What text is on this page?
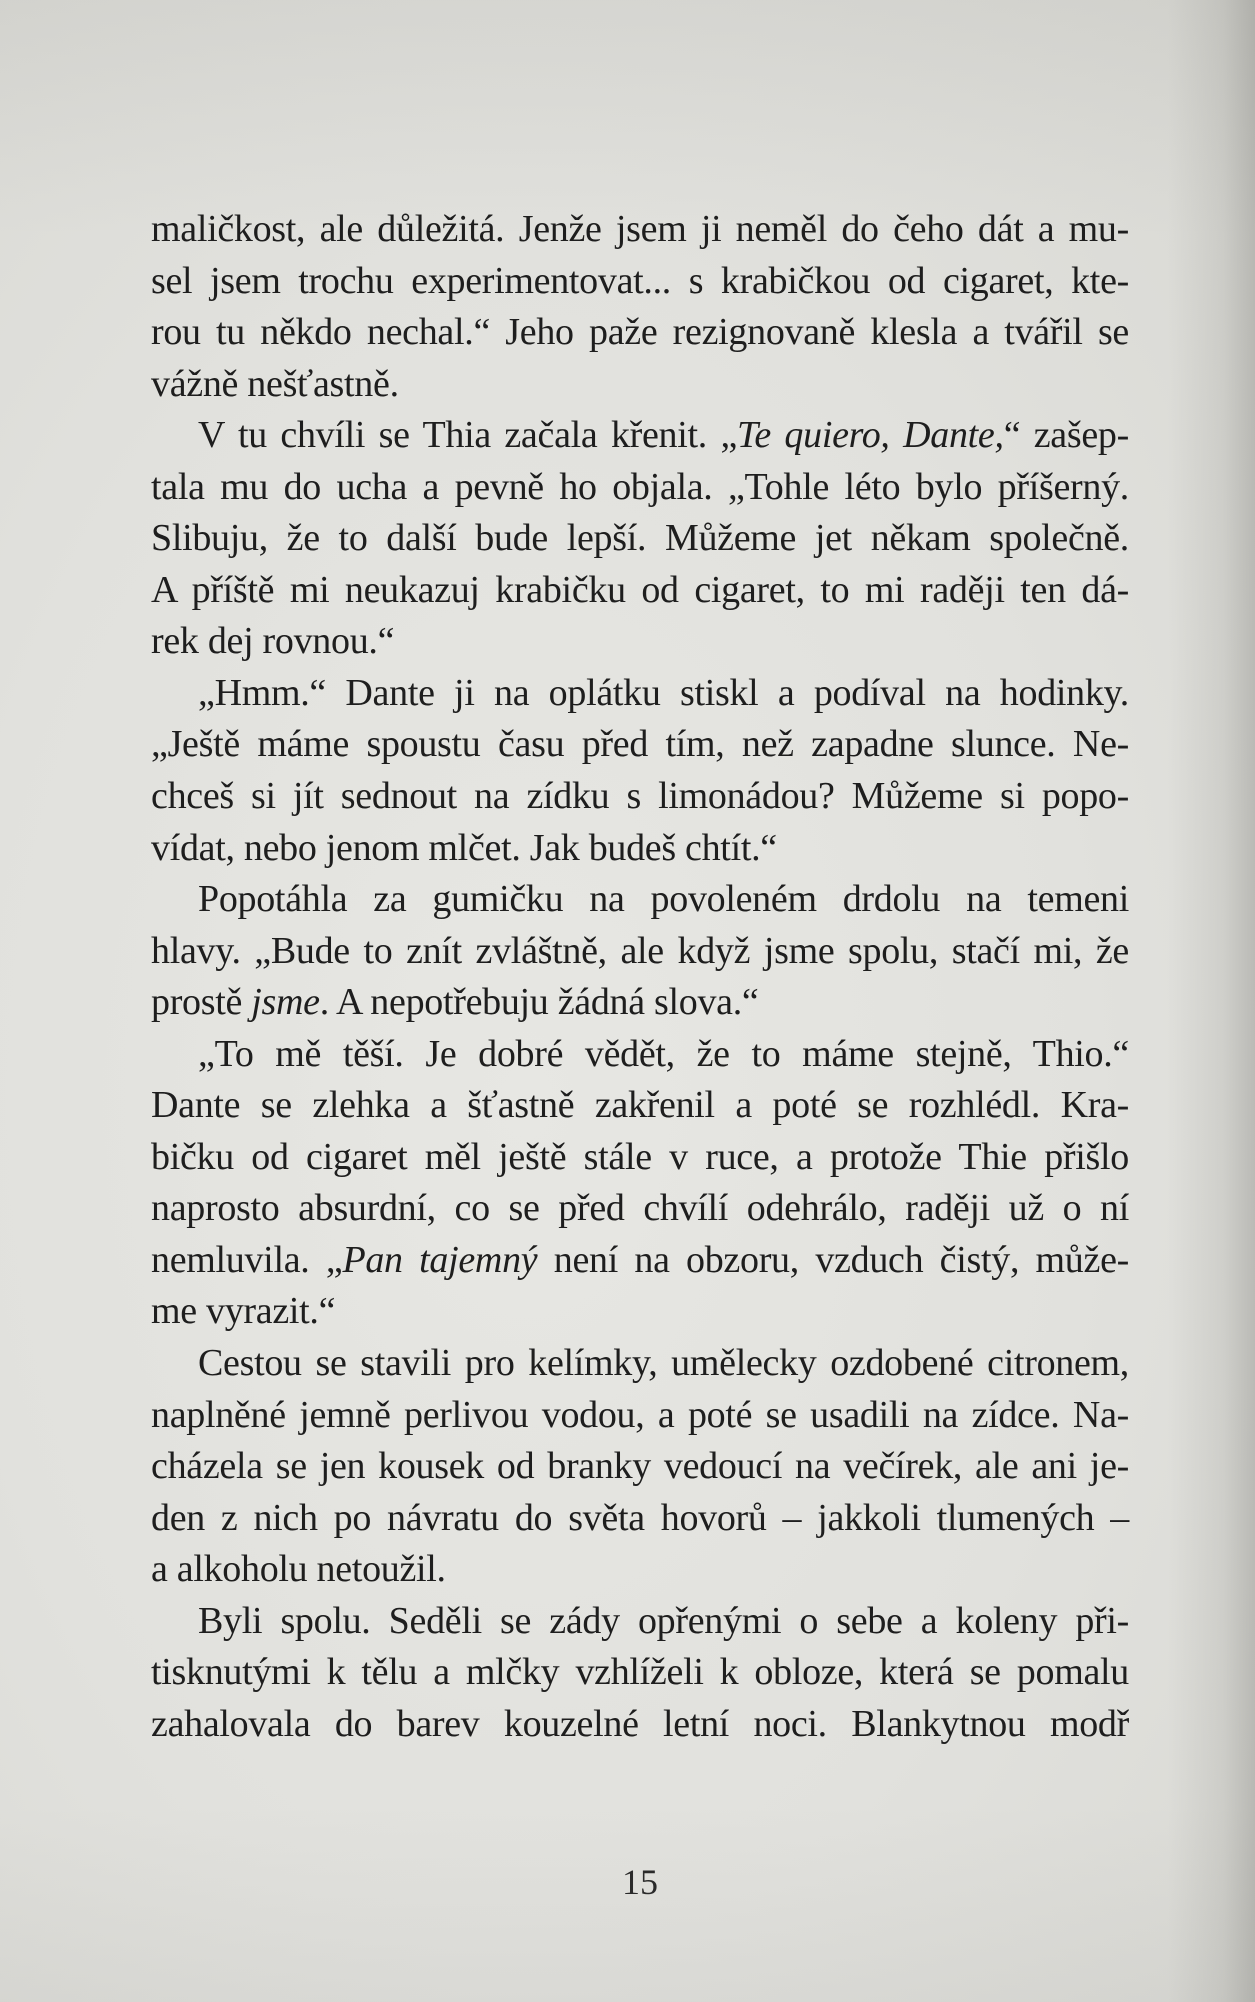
maličkost, ale důležitá. Jenže jsem ji neměl do čeho dát a mu-
sel jsem trochu experimentovat... s krabičkou od cigaret, kte-
rou tu někdo nechal.“ Jeho paže rezignovaně klesla a tvářil se
vážně nešťastně.
V tu chvíli se Thia začala křenit. „Te quiero, Dante,“ zašep-
tala mu do ucha a pevně ho objala. „Tohle léto bylo příšerný.
Slibuju, že to další bude lepší. Můžeme jet někam společně.
A příště mi neukazuj krabičku od cigaret, to mi raději ten dá-
rek dej rovnou.“
„Hmm.“ Dante ji na oplátku stiskl a podíval na hodinky.
„Ještě máme spoustu času před tím, než zapadne slunce. Ne-
chceš si jít sednout na zídku s limonádou? Můžeme si popo-
vídat, nebo jenom mlčet. Jak budeš chtít.“
Popotáhla za gumičku na povoleném drdolu na temeni
hlavy. „Bude to znít zvláštně, ale když jsme spolu, stačí mi, že
prostě jsme. A nepotřebuju žádná slova.“
„To mě těší. Je dobré vědět, že to máme stejně, Thio.“
Dante se zlehka a šťastně zakřenil a poté se rozhlédl. Kra-
bičku od cigaret měl ještě stále v ruce, a protože Thie přišlo
naprosto absurdní, co se před chvílí odehrálo, raději už o ní
nemluvila. „Pan tajemný není na obzoru, vzduch čistý, může-
me vyrazit.“
Cestou se stavili pro kelímky, umělecky ozdobené citronem,
naplněné jemně perlivou vodou, a poté se usadili na zídce. Na-
cházela se jen kousek od branky vedoucí na večírek, ale ani je-
den z nich po návratu do světa hovorů – jakkoli tlumených –
a alkoholu netoužil.
Byli spolu. Seděli se zády opřenými o sebe a koleny při-
tisknutými k tělu a mlčky vzhlíželi k obloze, která se pomalu
zahalovala do barev kouzelné letní noci. Blankytnou modř
15
